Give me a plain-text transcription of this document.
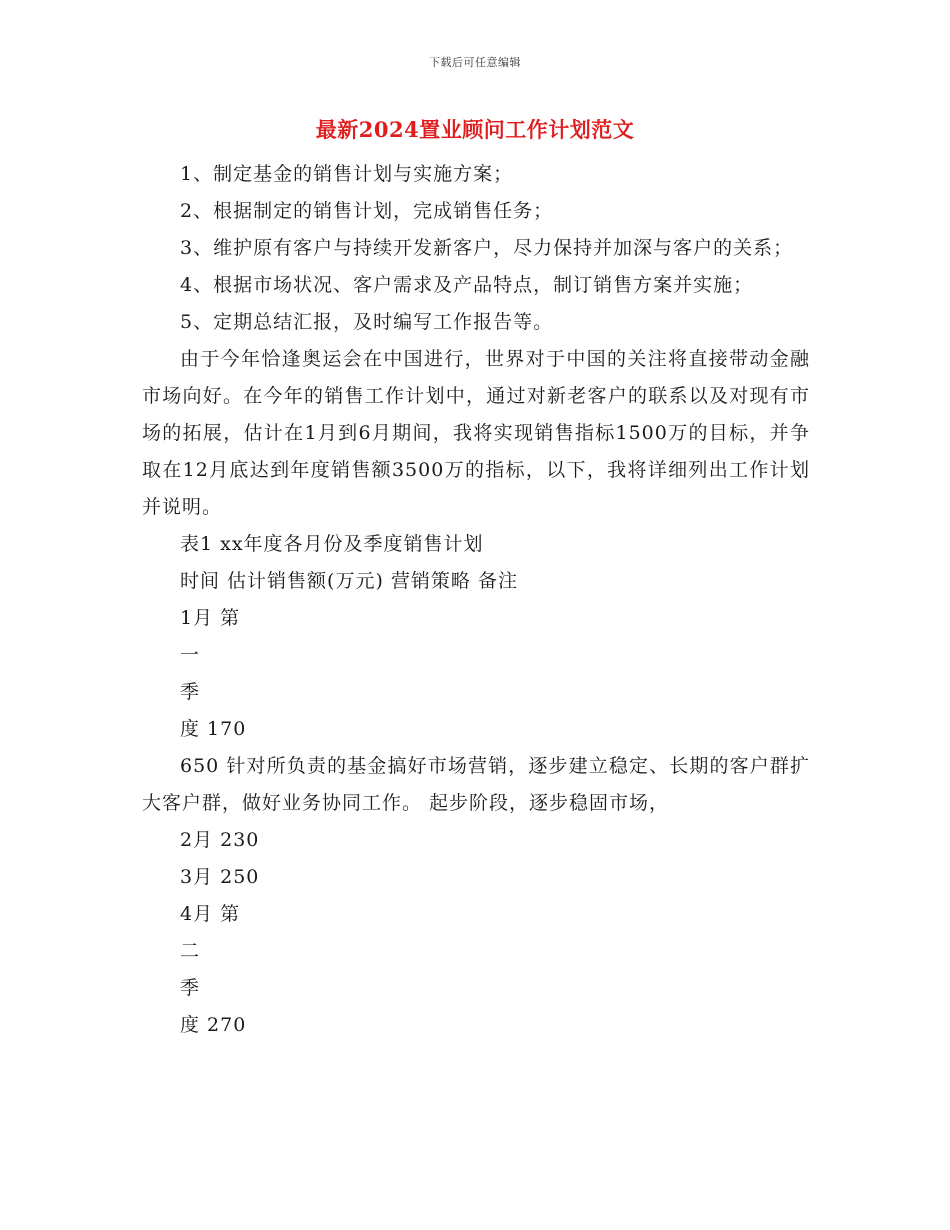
下载后可任意编辑
最新2024置业顾问工作计划范文

1、制定基金的销售计划与实施方案；

2、根据制定的销售计划，完成销售任务；

3、维护原有客户与持续开发新客户，尽力保持并加深与客户的关系；

4、根据市场状况、客户需求及产品特点，制订销售方案并实施；

5、定期总结汇报，及时编写工作报告等。

由于今年恰逢奥运会在中国进行，世界对于中国的关注将直接带动金融市场向好。在今年的销售工作计划中，通过对新老客户的联系以及对现有市场的拓展，估计在1月到6月期间，我将实现销售指标1500万的目标，并争取在12月底达到年度销售额3500万的指标，以下，我将详细列出工作计划并说明。

表1 xx年度各月份及季度销售计划

时间 估计销售额(万元) 营销策略 备注

1月 第

一

季

度 170

650 针对所负责的基金搞好市场营销，逐步建立稳定、长期的客户群扩大客户群，做好业务协同工作。 起步阶段，逐步稳固市场，

2月 230

3月 250

4月 第

二

季

度 270
